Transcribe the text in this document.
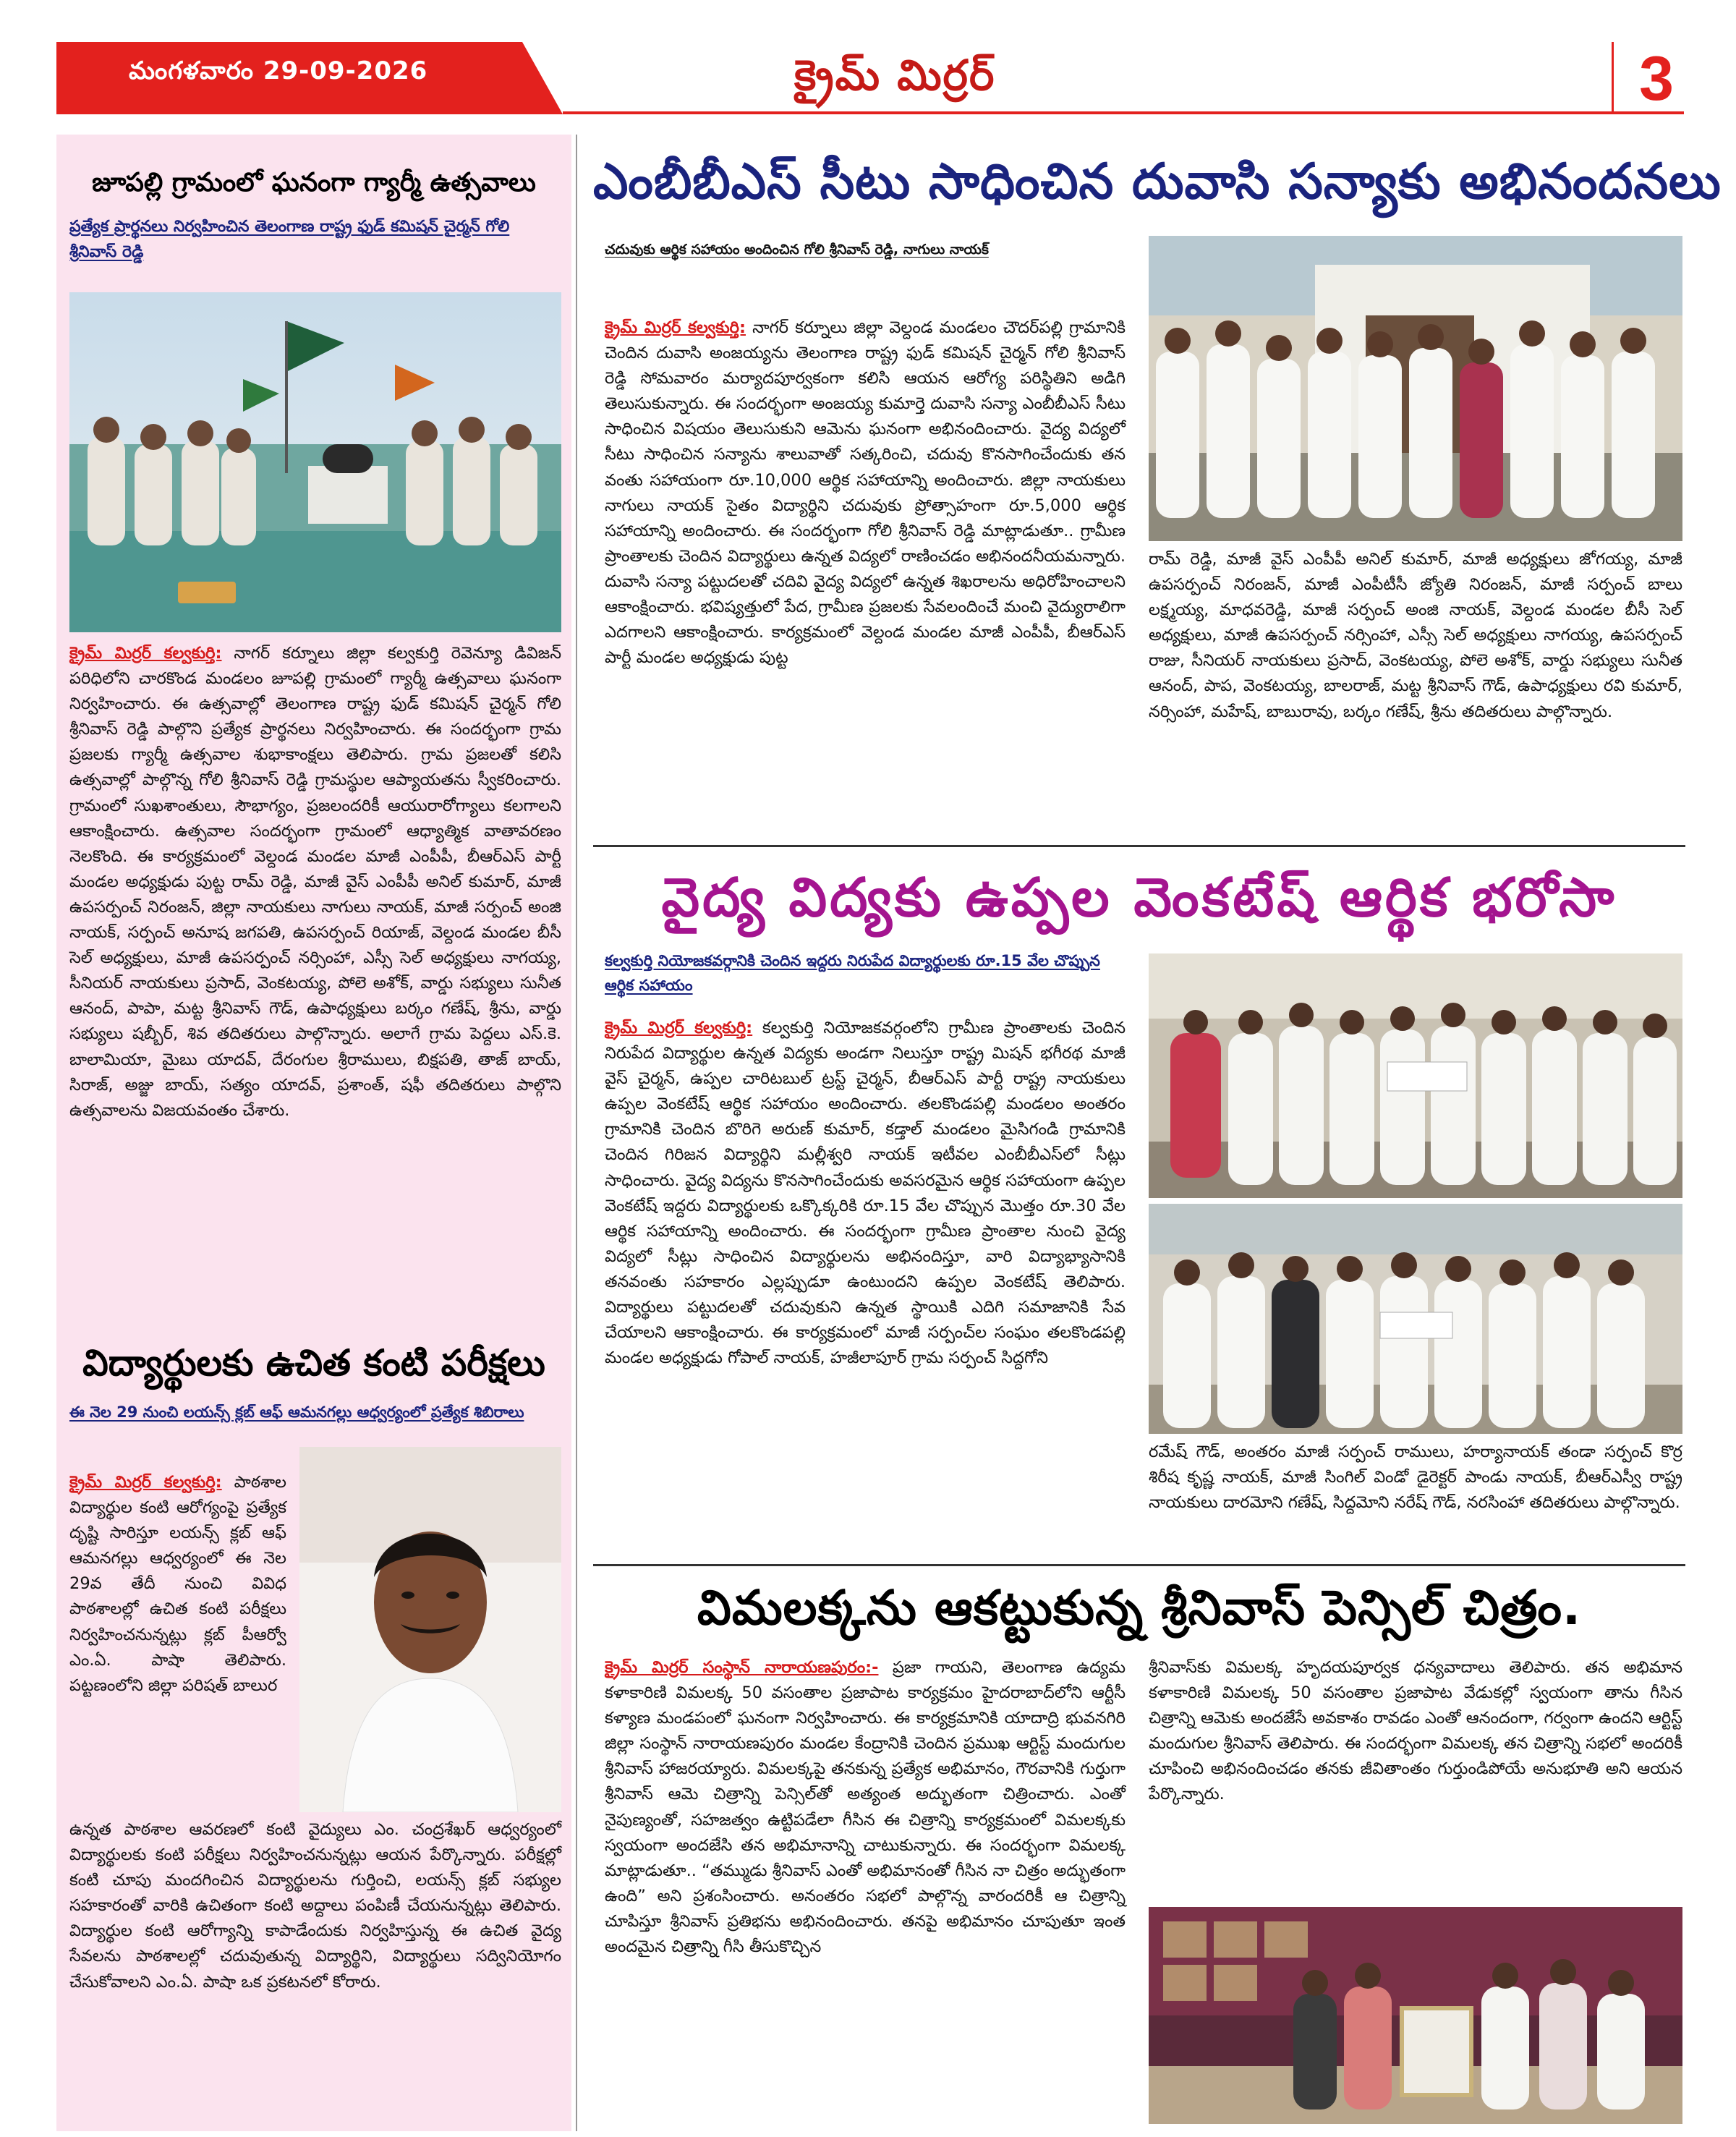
మంగళవారం 29-09-2026	క్రైమ్ మిర్రర్	3
జూపల్లి గ్రామంలో ఘనంగా గ్యార్మీ ఉత్సవాలు
ప్రత్యేక ప్రార్థనలు నిర్వహించిన తెలంగాణ రాష్ట్ర ఫుడ్ కమిషన్ చైర్మన్ గోలి శ్రీనివాస్ రెడ్డి
క్రైమ్ మిర్రర్ కల్వకుర్తి: నాగర్ కర్నూలు జిల్లా కల్వకుర్తి రెవెన్యూ డివిజన్ పరిధిలోని చారకొండ మండలం జూపల్లి గ్రామంలో గ్యార్మీ ఉత్సవాలు ఘనంగా నిర్వహించారు. ఈ ఉత్సవాల్లో తెలంగాణ రాష్ట్ర ఫుడ్ కమిషన్ చైర్మన్ గోలి శ్రీనివాస్ రెడ్డి పాల్గొని ప్రత్యేక ప్రార్థనలు నిర్వహించారు. ఈ సందర్భంగా గ్రామ ప్రజలకు గ్యార్మీ ఉత్సవాల శుభాకాంక్షలు తెలిపారు. గ్రామ ప్రజలతో కలిసి ఉత్సవాల్లో పాల్గొన్న గోలి శ్రీనివాస్ రెడ్డి గ్రామస్థుల ఆప్యాయతను స్వీకరించారు. గ్రామంలో సుఖశాంతులు, సౌభాగ్యం, ప్రజలందరికీ ఆయురారోగ్యాలు కలగాలని ఆకాంక్షించారు. ఉత్సవాల సందర్భంగా గ్రామంలో ఆధ్యాత్మిక వాతావరణం నెలకొంది. ఈ కార్యక్రమంలో వెల్దండ మండల మాజీ ఎంపీపీ, బీఆర్ఎస్ పార్టీ మండల అధ్యక్షుడు పుట్ట రామ్ రెడ్డి, మాజీ వైస్ ఎంపీపీ అనిల్ కుమార్, మాజీ ఉపసర్పంచ్ నిరంజన్, జిల్లా నాయకులు నాగులు నాయక్, మాజీ సర్పంచ్ అంజి నాయక్, సర్పంచ్ అనూష జగపతి, ఉపసర్పంచ్ రియాజ్, వెల్దండ మండల బీసీ సెల్ అధ్యక్షులు, మాజీ ఉపసర్పంచ్ నర్సింహా, ఎస్సీ సెల్ అధ్యక్షులు నాగయ్య, సీనియర్ నాయకులు ప్రసాద్, వెంకటయ్య, పోలె అశోక్, వార్డు సభ్యులు సునీత ఆనంద్, పాపా, మట్ట శ్రీనివాస్ గౌడ్, ఉపాధ్యక్షులు బర్కం గణేష్, శ్రీను, వార్డు సభ్యులు షబ్బీర్, శివ తదితరులు పాల్గొన్నారు. అలాగే గ్రామ పెద్దలు ఎస్.కె. బాలామియా, మైబు యాదవ్, దేరంగుల శ్రీరాములు, బిక్షపతి, తాజ్ బాయ్, సిరాజ్, అజ్జు బాయ్, సత్యం యాదవ్, ప్రశాంత్, షఫీ తదితరులు పాల్గొని ఉత్సవాలను విజయవంతం చేశారు.
విద్యార్థులకు ఉచిత కంటి పరీక్షలు
ఈ నెల 29 నుంచి లయన్స్ క్లబ్ ఆఫ్ ఆమనగల్లు ఆధ్వర్యంలో ప్రత్యేక శిబిరాలు
క్రైమ్ మిర్రర్ కల్వకుర్తి: పాఠశాల విద్యార్థుల కంటి ఆరోగ్యంపై ప్రత్యేక దృష్టి సారిస్తూ లయన్స్ క్లబ్ ఆఫ్ ఆమనగల్లు ఆధ్వర్యంలో ఈ నెల 29వ తేదీ నుంచి వివిధ పాఠశాలల్లో ఉచిత కంటి పరీక్షలు నిర్వహించనున్నట్లు క్లబ్ పీఆర్వో ఎం.ఏ. పాషా తెలిపారు. పట్టణంలోని జిల్లా పరిషత్ బాలుర
ఉన్నత పాఠశాల ఆవరణలో కంటి వైద్యులు ఎం. చంద్రశేఖర్ ఆధ్వర్యంలో విద్యార్థులకు కంటి పరీక్షలు నిర్వహించనున్నట్లు ఆయన పేర్కొన్నారు. పరీక్షల్లో కంటి చూపు మందగించిన విద్యార్థులను గుర్తించి, లయన్స్ క్లబ్ సభ్యుల సహకారంతో వారికి ఉచితంగా కంటి అద్దాలు పంపిణీ చేయనున్నట్లు తెలిపారు. విద్యార్థుల కంటి ఆరోగ్యాన్ని కాపాడేందుకు నిర్వహిస్తున్న ఈ ఉచిత వైద్య సేవలను పాఠశాలల్లో చదువుతున్న విద్యార్థిని, విద్యార్థులు సద్వినియోగం చేసుకోవాలని ఎం.ఏ. పాషా ఒక ప్రకటనలో కోరారు.
ఎంబీబీఎస్ సీటు సాధించిన దువాసి సన్యాకు అభినందనలు
చదువుకు ఆర్థిక సహాయం అందించిన గోలి శ్రీనివాస్ రెడ్డి, నాగులు నాయక్
క్రైమ్ మిర్రర్ కల్వకుర్తి: నాగర్ కర్నూలు జిల్లా వెల్దండ మండలం చౌదర్‌పల్లి గ్రామానికి చెందిన దువాసి అంజయ్యను తెలంగాణ రాష్ట్ర ఫుడ్ కమిషన్ చైర్మన్ గోలి శ్రీనివాస్ రెడ్డి సోమవారం మర్యాదపూర్వకంగా కలిసి ఆయన ఆరోగ్య పరిస్థితిని అడిగి తెలుసుకున్నారు. ఈ సందర్భంగా అంజయ్య కుమార్తె దువాసి సన్యా ఎంబీబీఎస్ సీటు సాధించిన విషయం తెలుసుకుని ఆమెను ఘనంగా అభినందించారు. వైద్య విద్యలో సీటు సాధించిన సన్యాను శాలువాతో సత్కరించి, చదువు కొనసాగించేందుకు తన వంతు సహాయంగా రూ.10,000 ఆర్థిక సహాయాన్ని అందించారు. జిల్లా నాయకులు నాగులు నాయక్ సైతం విద్యార్థిని చదువుకు ప్రోత్సాహంగా రూ.5,000 ఆర్థిక సహాయాన్ని అందించారు. ఈ సందర్భంగా గోలి శ్రీనివాస్ రెడ్డి మాట్లాడుతూ.. గ్రామీణ ప్రాంతాలకు చెందిన విద్యార్థులు ఉన్నత విద్యలో రాణించడం అభినందనీయమన్నారు. దువాసి సన్యా పట్టుదలతో చదివి వైద్య విద్యలో ఉన్నత శిఖరాలను అధిరోహించాలని ఆకాంక్షించారు. భవిష్యత్తులో పేద, గ్రామీణ ప్రజలకు సేవలందించే మంచి వైద్యురాలిగా ఎదగాలని ఆకాంక్షించారు. కార్యక్రమంలో వెల్దండ మండల మాజీ ఎంపీపీ, బీఆర్ఎస్ పార్టీ మండల అధ్యక్షుడు పుట్ట
రామ్ రెడ్డి, మాజీ వైస్ ఎంపీపీ అనిల్ కుమార్, మాజీ అధ్యక్షులు జోగయ్య, మాజీ ఉపసర్పంచ్ నిరంజన్, మాజీ ఎంపీటీసీ జ్యోతి నిరంజన్, మాజీ సర్పంచ్ బాలు లక్ష్మయ్య, మాధవరెడ్డి, మాజీ సర్పంచ్ అంజి నాయక్, వెల్దండ మండల బీసీ సెల్ అధ్యక్షులు, మాజీ ఉపసర్పంచ్ నర్సింహా, ఎస్సీ సెల్ అధ్యక్షులు నాగయ్య, ఉపసర్పంచ్ రాజు, సీనియర్ నాయకులు ప్రసాద్, వెంకటయ్య, పోలె అశోక్, వార్డు సభ్యులు సునీత ఆనంద్, పాప, వెంకటయ్య, బాలరాజ్, మట్ట శ్రీనివాస్ గౌడ్, ఉపాధ్యక్షులు రవి కుమార్, నర్సింహా, మహేష్, బాబురావు, బర్కం గణేష్, శ్రీను తదితరులు పాల్గొన్నారు.
వైద్య విద్యకు ఉప్పల వెంకటేష్ ఆర్థిక భరోసా
కల్వకుర్తి నియోజకవర్గానికి చెందిన ఇద్దరు నిరుపేద విద్యార్థులకు రూ.15 వేల చొప్పున ఆర్థిక సహాయం
క్రైమ్ మిర్రర్ కల్వకుర్తి: కల్వకుర్తి నియోజకవర్గంలోని గ్రామీణ ప్రాంతాలకు చెందిన నిరుపేద విద్యార్థుల ఉన్నత విద్యకు అండగా నిలుస్తూ రాష్ట్ర మిషన్ భగీరథ మాజీ వైస్ చైర్మన్, ఉప్పల చారిటబుల్ ట్రస్ట్ చైర్మన్, బీఆర్ఎస్ పార్టీ రాష్ట్ర నాయకులు ఉప్పల వెంకటేష్ ఆర్థిక సహాయం అందించారు. తలకొండపల్లి మండలం అంతరం గ్రామానికి చెందిన బొరిగె అరుణ్ కుమార్, కడ్తాల్ మండలం మైసిగండి గ్రామానికి చెందిన గిరిజన విద్యార్థిని మల్లీశ్వరి నాయక్ ఇటీవల ఎంబీబీఎస్‌లో సీట్లు సాధించారు. వైద్య విద్యను కొనసాగించేందుకు అవసరమైన ఆర్థిక సహాయంగా ఉప్పల వెంకటేష్ ఇద్దరు విద్యార్థులకు ఒక్కొక్కరికి రూ.15 వేల చొప్పున మొత్తం రూ.30 వేల ఆర్థిక సహాయాన్ని అందించారు. ఈ సందర్భంగా గ్రామీణ ప్రాంతాల నుంచి వైద్య విద్యలో సీట్లు సాధించిన విద్యార్థులను అభినందిస్తూ, వారి విద్యాభ్యాసానికి తనవంతు సహకారం ఎల్లప్పుడూ ఉంటుందని ఉప్పల వెంకటేష్ తెలిపారు. విద్యార్థులు పట్టుదలతో చదువుకుని ఉన్నత స్థాయికి ఎదిగి సమాజానికి సేవ చేయాలని ఆకాంక్షించారు. ఈ కార్యక్రమంలో మాజీ సర్పంచ్‌ల సంఘం తలకొండపల్లి మండల అధ్యక్షుడు గోపాల్ నాయక్, హజీలాపూర్ గ్రామ సర్పంచ్ సిద్దగోని
రమేష్ గౌడ్, అంతరం మాజీ సర్పంచ్ రాములు, హర్యానాయక్ తండా సర్పంచ్ కొర్ర శిరీష కృష్ణ నాయక్, మాజీ సింగిల్ విండో డైరెక్టర్ పాండు నాయక్, బీఆర్ఎస్వీ రాష్ట్ర నాయకులు దారమోని గణేష్, సిద్దమోని నరేష్ గౌడ్, నరసింహా తదితరులు పాల్గొన్నారు.
విమలక్కను ఆకట్టుకున్న శ్రీనివాస్ పెన్సిల్ చిత్రం.
క్రైమ్ మిర్రర్ సంస్థాన్ నారాయణపురం:- ప్రజా గాయని, తెలంగాణ ఉద్యమ కళాకారిణి విమలక్క 50 వసంతాల ప్రజాపాట కార్యక్రమం హైదరాబాద్‌లోని ఆర్టీసీ కళ్యాణ మండపంలో ఘనంగా నిర్వహించారు. ఈ కార్యక్రమానికి యాదాద్రి భువనగిరి జిల్లా సంస్థాన్ నారాయణపురం మండల కేంద్రానికి చెందిన ప్రముఖ ఆర్టిస్ట్ మందుగుల శ్రీనివాస్ హాజరయ్యారు. విమలక్కపై తనకున్న ప్రత్యేక అభిమానం, గౌరవానికి గుర్తుగా శ్రీనివాస్ ఆమె చిత్రాన్ని పెన్సిల్‌తో అత్యంత అద్భుతంగా చిత్రించారు. ఎంతో నైపుణ్యంతో, సహజత్వం ఉట్టిపడేలా గీసిన ఈ చిత్రాన్ని కార్యక్రమంలో విమలక్కకు స్వయంగా అందజేసి తన అభిమానాన్ని చాటుకున్నారు. ఈ సందర్భంగా విమలక్క మాట్లాడుతూ.. “తమ్ముడు శ్రీనివాస్ ఎంతో అభిమానంతో గీసిన నా చిత్రం అద్భుతంగా ఉంది” అని ప్రశంసించారు. అనంతరం సభలో పాల్గొన్న వారందరికీ ఆ చిత్రాన్ని చూపిస్తూ శ్రీనివాస్ ప్రతిభను అభినందించారు. తనపై అభిమానం చూపుతూ ఇంత అందమైన చిత్రాన్ని గీసి తీసుకొచ్చిన
శ్రీనివాస్‌కు విమలక్క హృదయపూర్వక ధన్యవాదాలు తెలిపారు. తన అభిమాన కళాకారిణి విమలక్క 50 వసంతాల ప్రజాపాట వేడుకల్లో స్వయంగా తాను గీసిన చిత్రాన్ని ఆమెకు అందజేసే అవకాశం రావడం ఎంతో ఆనందంగా, గర్వంగా ఉందని ఆర్టిస్ట్ మందుగుల శ్రీనివాస్ తెలిపారు. ఈ సందర్భంగా విమలక్క తన చిత్రాన్ని సభలో అందరికీ చూపించి అభినందించడం తనకు జీవితాంతం గుర్తుండిపోయే అనుభూతి అని ఆయన పేర్కొన్నారు.
